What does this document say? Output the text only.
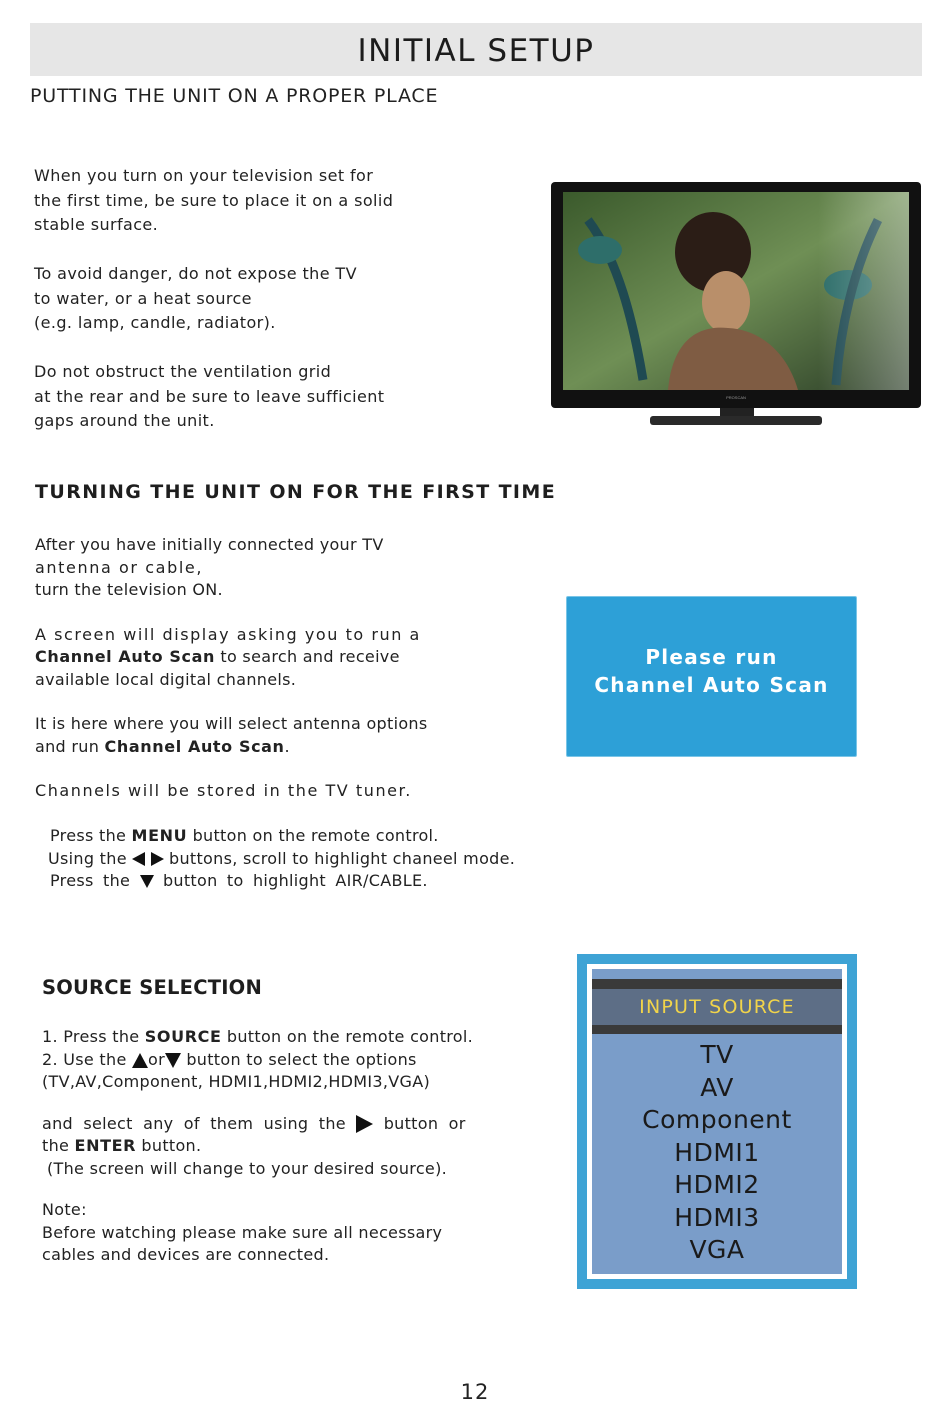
INITIAL SETUP
PUTTING THE UNIT ON A PROPER PLACE

When you turn on your television set for

the first time, be sure to place it on a solid

stable surface.

To avoid danger, do not expose the TV

to water, or a heat source

(e.g. lamp, candle, radiator).

Do not obstruct the ventilation grid

at the rear and be sure to leave sufficient

gaps around the unit.

PROSCAN
TURNING THE UNIT ON FOR THE FIRST TIME
After you have initially connected your TV
antenna or cable,
turn the television ON.
A screen will display asking you to run a
Channel Auto Scan to search and receive
available local digital channels.
It is here where you will select antenna options
and run Channel Auto Scan.
Channels will be stored in the TV tuner.
Press the MENU button on the remote control.
Using the   buttons, scroll to highlight chaneel mode.
Press the  button to highlight AIR/CABLE.
Please run
Channel Auto Scan
SOURCE SELECTION
1. Press the SOURCE button on the remote control.
2. Use the or button to select the options
(TV,AV,Component, HDMI1,HDMI2,HDMI3,VGA)
and select any of them using the  button or
the ENTER button.
(The screen will change to your desired source).
Note:
Before watching please make sure all necessary
cables and devices are connected.
INPUT SOURCE
TV
AV
Component
HDMI1
HDMI2
HDMI3
VGA
12
